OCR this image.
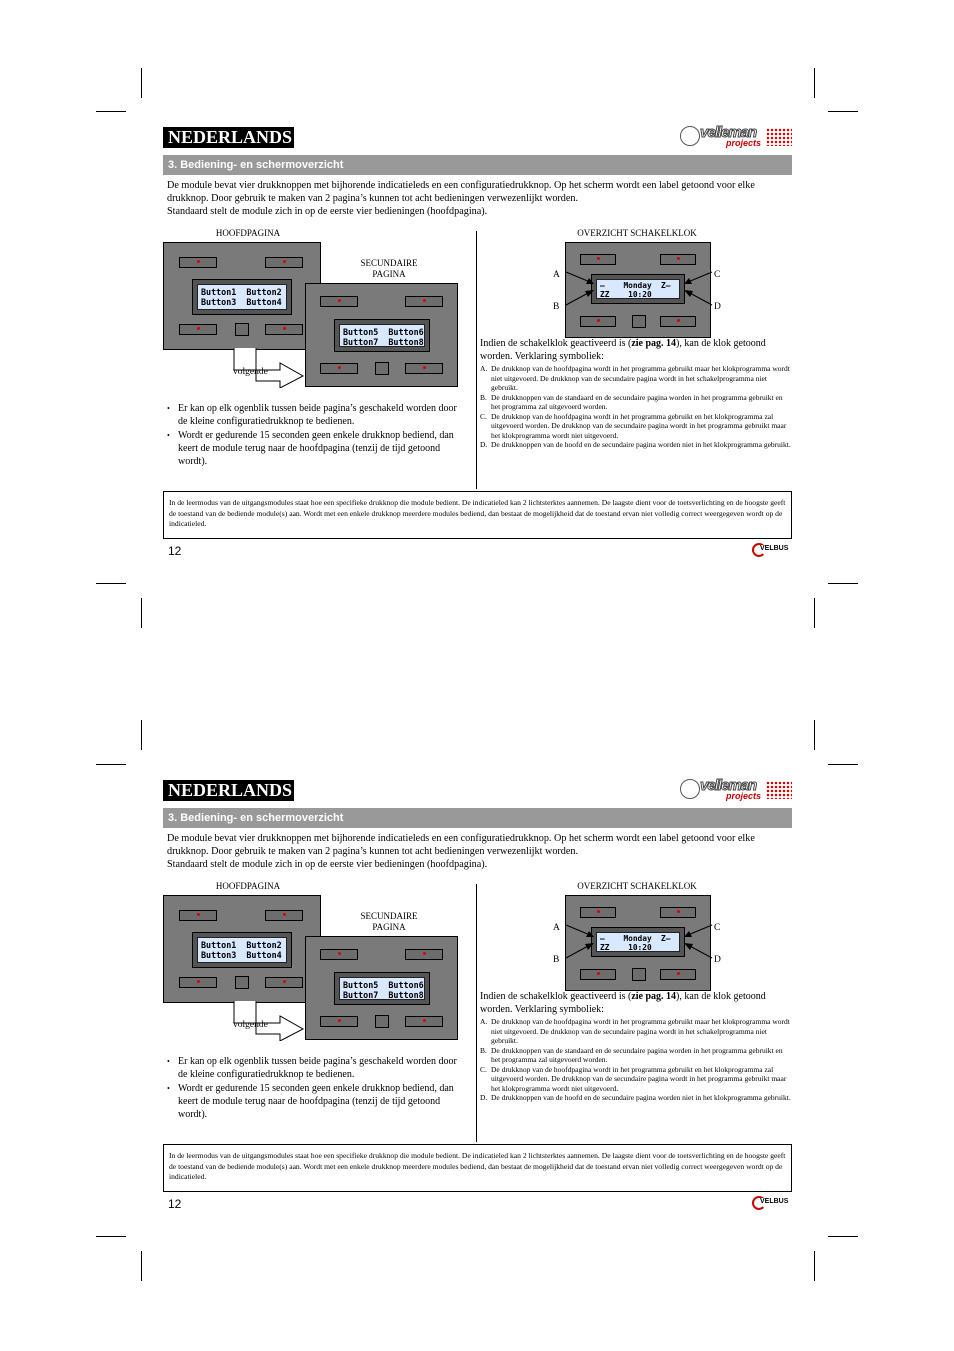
NEDERLANDS	velleman
projects
3. Bediening- en schermoverzicht

De module bevat vier drukknoppen met bijhorende indicatieleds en een configuratiedrukknop. Op het scherm wordt een label getoond voor elke drukknop. Door gebruik te maken van 2 pagina’s kunnen tot acht bedieningen verwezenlijkt worden.

Standaard stelt de module zich in op de eerste vier bedieningen (hoofdpagina).

HOOFDPAGINA
Button1  Button2
Button3  Button4
SECUNDAIRE
PAGINA
Button5  Button6
Button7  Button8
volgende
• Er kan op elk ogenblik tussen beide pagina’s geschakeld worden door de kleine configuratiedrukknop te bedienen.
• Wordt er gedurende 15 seconden geen enkele drukknop bediend, dan keert de module terug naar de hoofdpagina (tenzij de tijd getoond wordt).
OVERZICHT SCHAKELKLOK
–    Monday  Z–
ZZ    10:20
A
B
C
D

Indien de schakelklok geactiveerd is (zie pag. 14), kan de klok getoond worden. Verklaring symboliek:

A. De drukknop van de hoofdpagina wordt in het programma gebruikt maar het klokprogramma wordt niet uitgevoerd. De drukknop van de secundaire pagina wordt in het schakelprogramma niet gebruikt.
B. De drukknoppen van de standaard en de secundaire pagina worden in het programma gebruikt en het programma zal uitgevoerd worden.
C. De drukknop van de hoofdpagina wordt in het programma gebruikt en het klokprogramma zal uitgevoerd worden. De drukknop van de secundaire pagina wordt in het programma gebruikt maar het klokprogramma wordt niet uitgevoerd.
D. De drukknoppen van de hoofd en de secundaire pagina worden niet in het klokprogramma gebruikt.
In de leermodus van de uitgangsmodules staat hoe een specifieke drukknop die module bedient. De indicatieled kan 2 lichtsterktes aannemen. De laagste dient voor de toetsverlichting en de hoogste geeft de toestand van de bediende module(s) aan. Wordt met een enkele drukknop meerdere modules bediend, dan bestaat de mogelijkheid dat de toestand ervan niet volledig correct weergegeven wordt op de indicatieled.
12	VELBUS
NEDERLANDS	velleman
projects
3. Bediening- en schermoverzicht

De module bevat vier drukknoppen met bijhorende indicatieleds en een configuratiedrukknop. Op het scherm wordt een label getoond voor elke drukknop. Door gebruik te maken van 2 pagina’s kunnen tot acht bedieningen verwezenlijkt worden.

Standaard stelt de module zich in op de eerste vier bedieningen (hoofdpagina).

HOOFDPAGINA
Button1  Button2
Button3  Button4
SECUNDAIRE
PAGINA
Button5  Button6
Button7  Button8
volgende
• Er kan op elk ogenblik tussen beide pagina’s geschakeld worden door de kleine configuratiedrukknop te bedienen.
• Wordt er gedurende 15 seconden geen enkele drukknop bediend, dan keert de module terug naar de hoofdpagina (tenzij de tijd getoond wordt).
OVERZICHT SCHAKELKLOK
–    Monday  Z–
ZZ    10:20
A
B
C
D

Indien de schakelklok geactiveerd is (zie pag. 14), kan de klok getoond worden. Verklaring symboliek:

A. De drukknop van de hoofdpagina wordt in het programma gebruikt maar het klokprogramma wordt niet uitgevoerd. De drukknop van de secundaire pagina wordt in het schakelprogramma niet gebruikt.
B. De drukknoppen van de standaard en de secundaire pagina worden in het programma gebruikt en het programma zal uitgevoerd worden.
C. De drukknop van de hoofdpagina wordt in het programma gebruikt en het klokprogramma zal uitgevoerd worden. De drukknop van de secundaire pagina wordt in het programma gebruikt maar het klokprogramma wordt niet uitgevoerd.
D. De drukknoppen van de hoofd en de secundaire pagina worden niet in het klokprogramma gebruikt.
In de leermodus van de uitgangsmodules staat hoe een specifieke drukknop die module bedient. De indicatieled kan 2 lichtsterktes aannemen. De laagste dient voor de toetsverlichting en de hoogste geeft de toestand van de bediende module(s) aan. Wordt met een enkele drukknop meerdere modules bediend, dan bestaat de mogelijkheid dat de toestand ervan niet volledig correct weergegeven wordt op de indicatieled.
12	VELBUS
